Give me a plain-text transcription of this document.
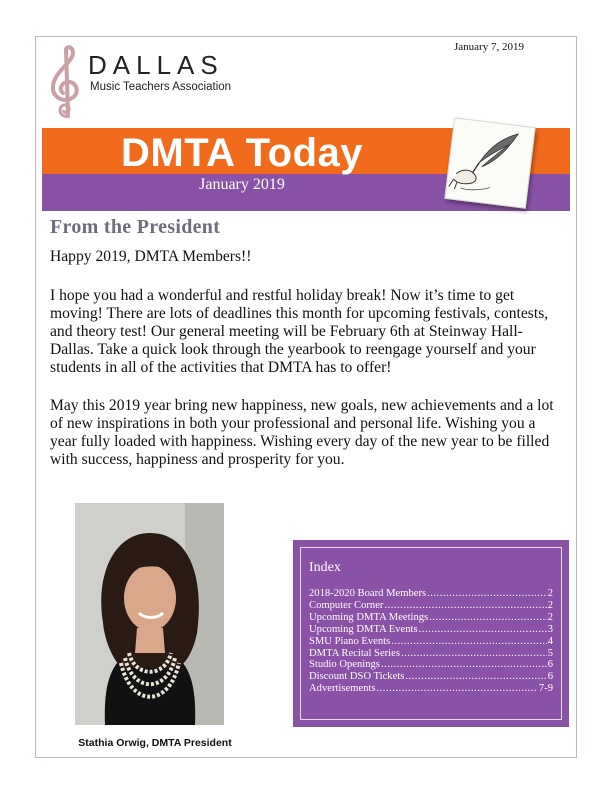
January 7, 2019
DALLAS
Music Teachers Association
DMTA Today
January 2019
From the President

Happy 2019, DMTA Members!!

I hope you had a wonderful and restful holiday break! Now it’s time to get moving! There are lots of deadlines this month for upcoming festivals, contests, and theory test! Our general meeting will be February 6th at Steinway Hall-Dallas. Take a quick look through the yearbook to reengage yourself and your students in all of the activities that DMTA has to offer!

May this 2019 year bring new happiness, new goals, new achievements and a lot of new inspirations in both your professional and personal life. Wishing you a year fully loaded with happiness. Wishing every day of the new year to be filled with success, happiness and prosperity for you.

Stathia Orwig, DMTA President
Index
2018-2020 Board Members .....	2
Computer Corner .....	2
Upcoming DMTA Meetings .....	2
Upcoming DMTA Events .....	3
SMU Piano Events .....	4
DMTA Recital Series .....	5
Studio Openings .....	6
Discount DSO Tickets .....	6
Advertisements .....	7-9
